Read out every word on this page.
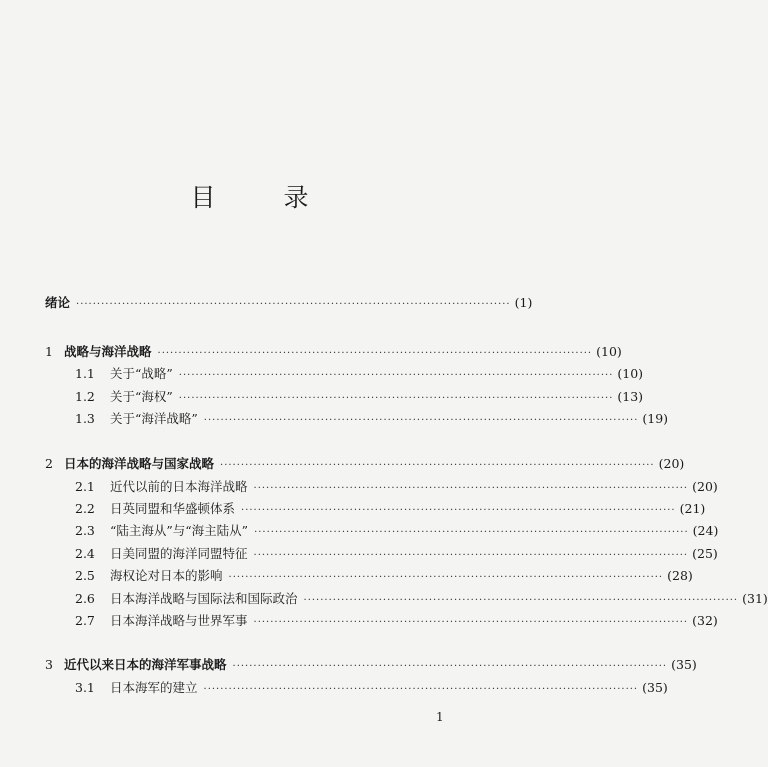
目 录
绪论 ········································································································ (1)
1 战略与海洋战略 ········································································································ (10)
1.1	关于“战略” ········································································································ (10)
1.2	关于“海权” ········································································································ (13)
1.3	关于“海洋战略” ········································································································ (19)
2 日本的海洋战略与国家战略 ········································································································ (20)
2.1	近代以前的日本海洋战略 ········································································································ (20)
2.2	日英同盟和华盛顿体系 ········································································································ (21)
2.3	“陆主海从”与“海主陆从” ········································································································ (24)
2.4	日美同盟的海洋同盟特征 ········································································································ (25)
2.5	海权论对日本的影响 ········································································································ (28)
2.6	日本海洋战略与国际法和国际政治 ········································································································ (31)
2.7	日本海洋战略与世界军事 ········································································································ (32)
3 近代以来日本的海洋军事战略 ········································································································ (35)
3.1	日本海军的建立 ········································································································ (35)
1
